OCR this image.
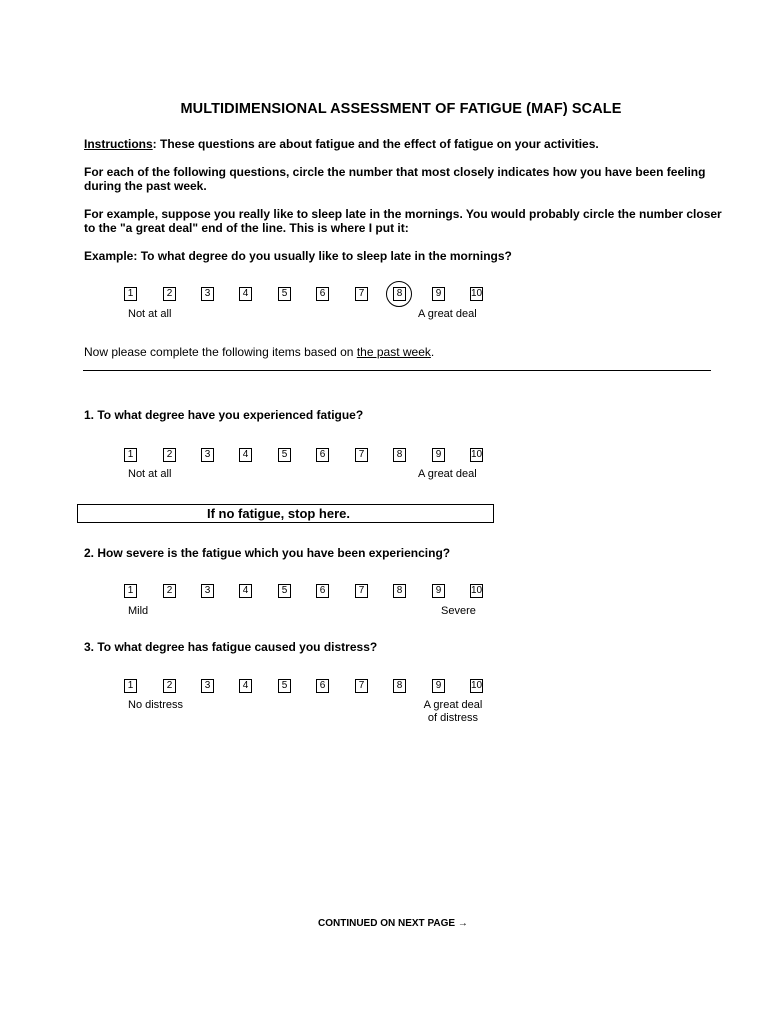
MULTIDIMENSIONAL ASSESSMENT OF FATIGUE (MAF) SCALE
Instructions: These questions are about fatigue and the effect of fatigue on your activities.
For each of the following questions, circle the number that most closely indicates how you have been feeling during the past week.
For example, suppose you really like to sleep late in the mornings. You would probably circle the number closer to the "a great deal" end of the line. This is where I put it:
Example: To what degree do you usually like to sleep late in the mornings?
Not at all	A great deal
1	2	3	4	5	6	7	8	9	10
Now please complete the following items based on the past week.
1. To what degree have you experienced fatigue?
Not at all	A great deal
1	2	3	4	5	6	7	8	9	10
If no fatigue, stop here.
2. How severe is the fatigue which you have been experiencing?
Mild	Severe
1	2	3	4	5	6	7	8	9	10
3. To what degree has fatigue caused you distress?
No distress	A great deal
of distress
1	2	3	4	5	6	7	8	9	10
CONTINUED ON NEXT PAGE →
